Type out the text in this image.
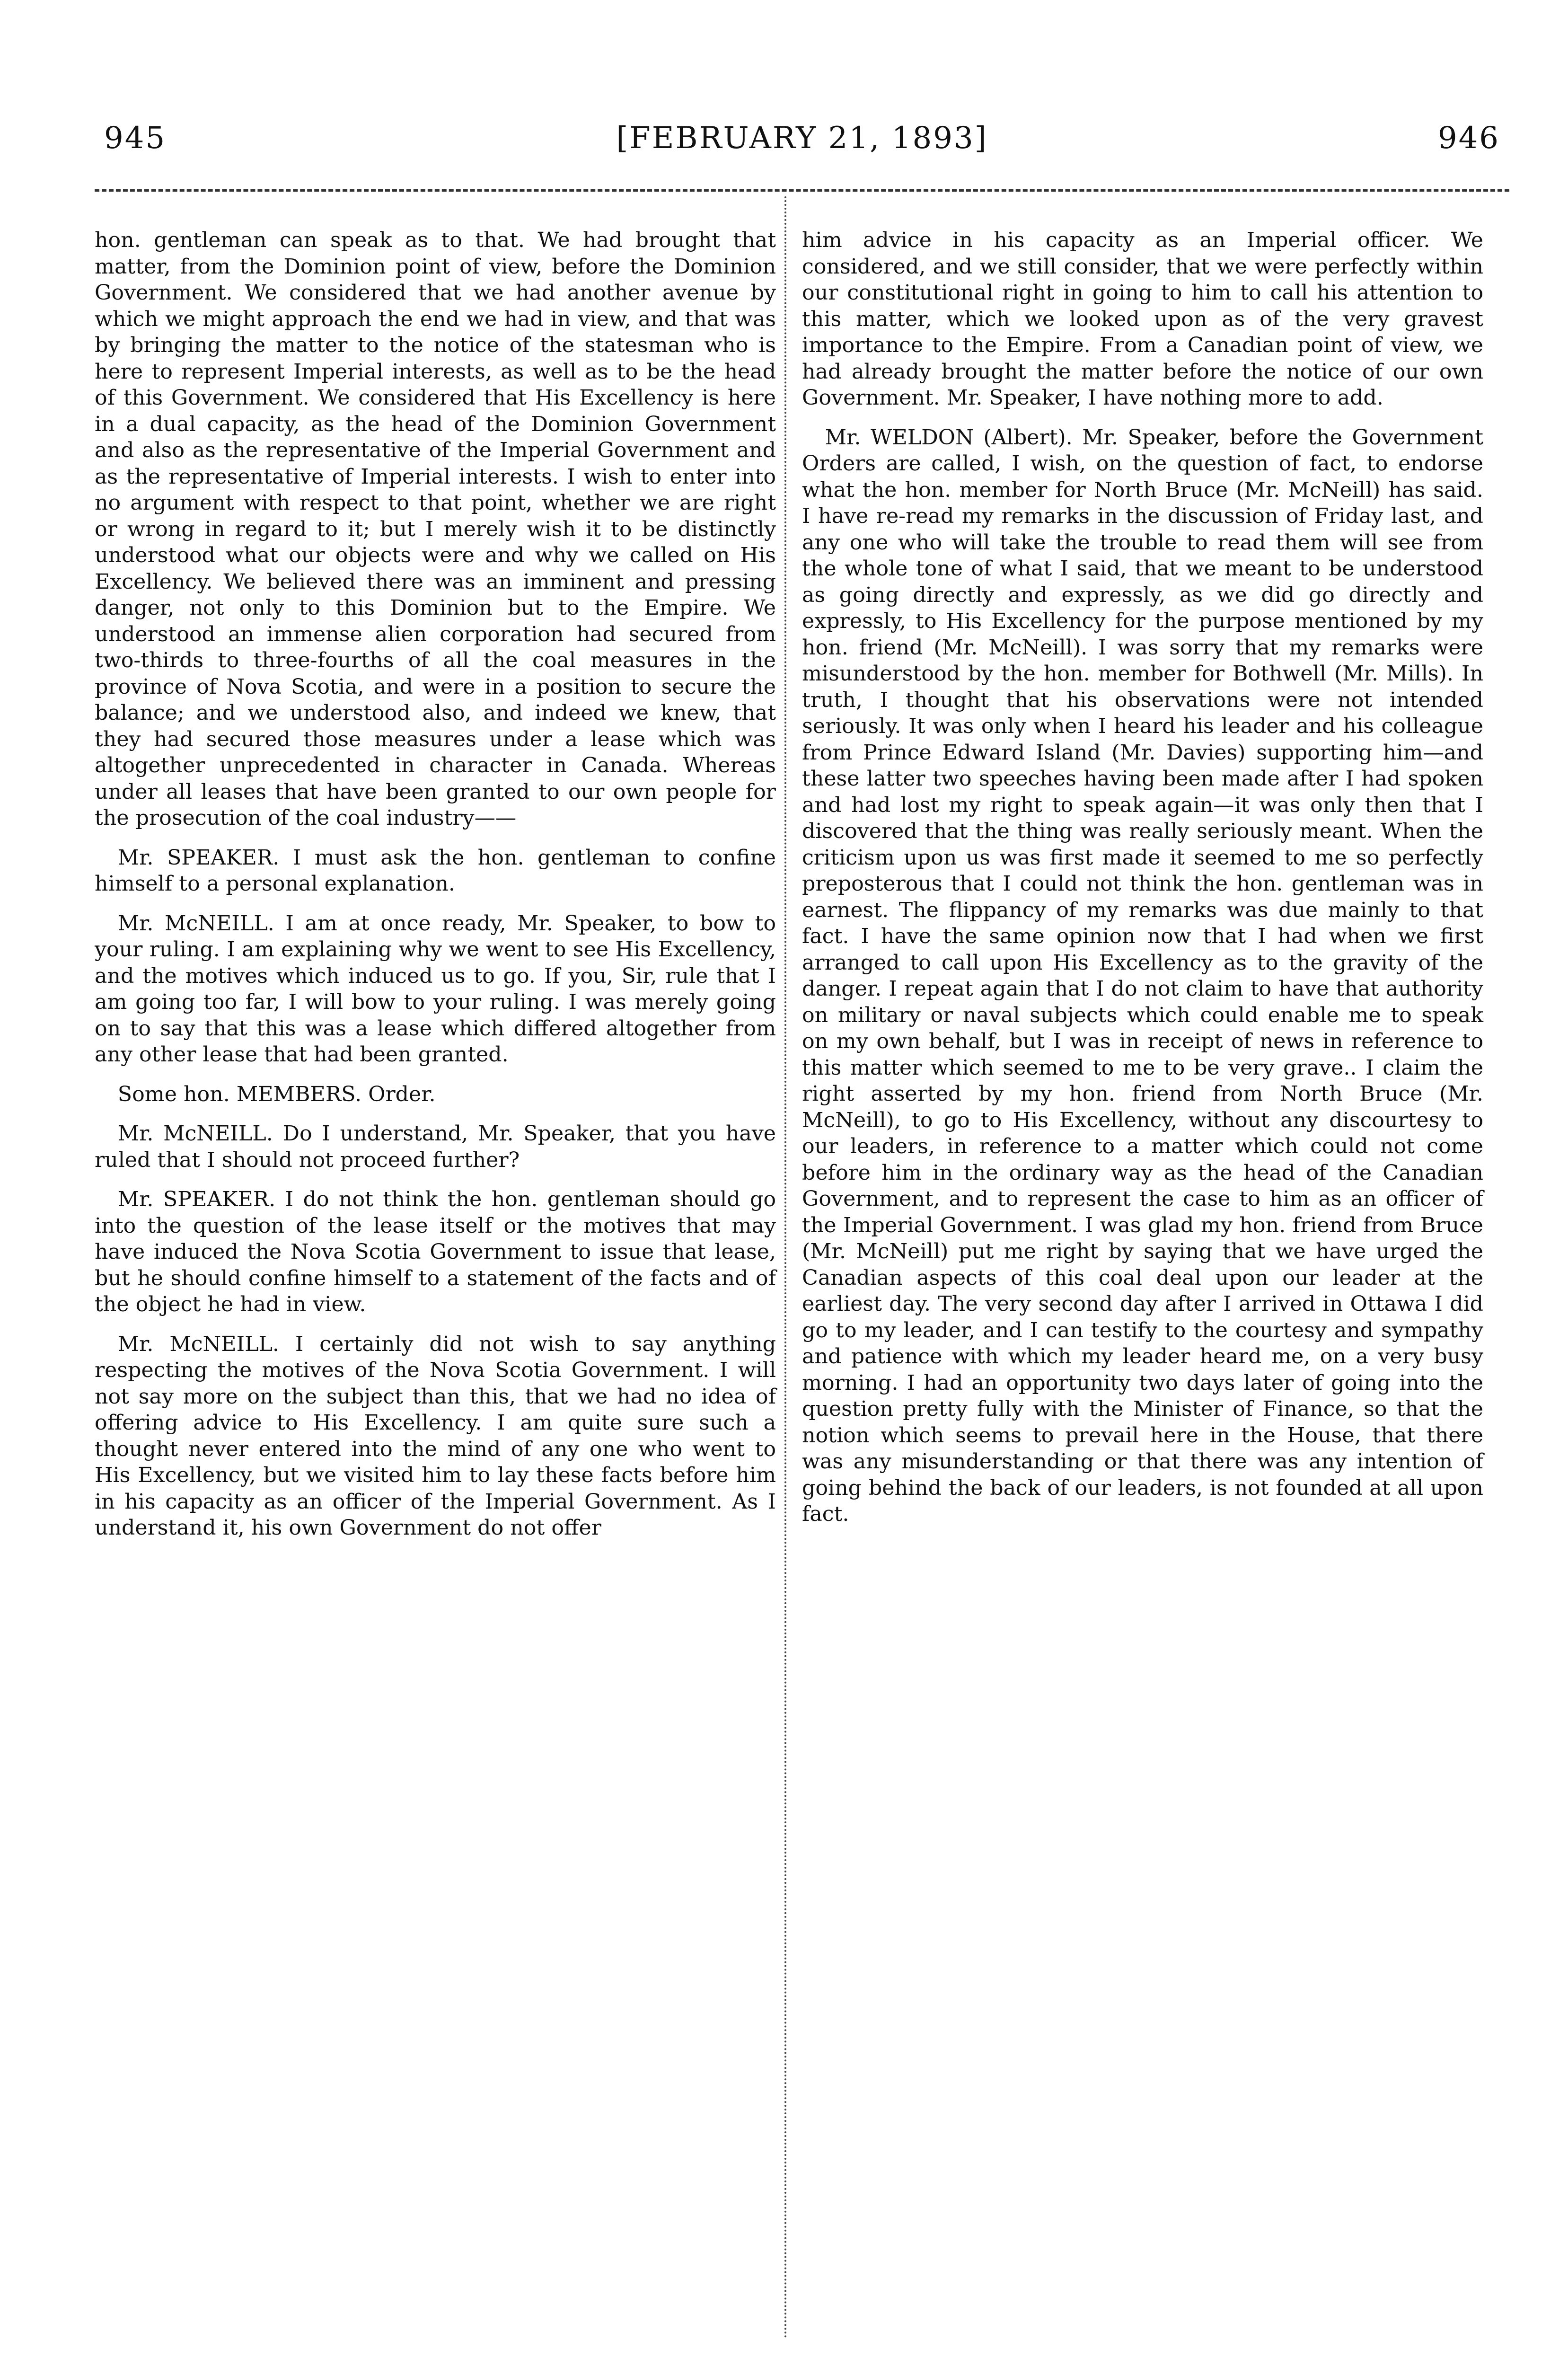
945	[FEBRUARY 21, 1893]	946

hon. gentleman can speak as to that. We had brought that matter, from the Dominion point of view, before the Dominion Government. We considered that we had another avenue by which we might approach the end we had in view, and that was by bringing the matter to the notice of the statesman who is here to represent Imperial interests, as well as to be the head of this Government. We considered that His Excellency is here in a dual capacity, as the head of the Dominion Government and also as the representative of the Imperial Government and as the representative of Imperial interests. I wish to enter into no argument with respect to that point, whether we are right or wrong in regard to it; but I merely wish it to be distinctly understood what our objects were and why we called on His Excellency. We believed there was an imminent and pressing danger, not only to this Dominion but to the Empire. We understood an immense alien corporation had secured from two-thirds to three-fourths of all the coal measures in the province of Nova Scotia, and were in a position to secure the balance; and we understood also, and indeed we knew, that they had secured those measures under a lease which was altogether unprecedented in character in Canada. Whereas under all leases that have been granted to our own people for the prosecution of the coal industry——

Mr. SPEAKER. I must ask the hon. gentleman to confine himself to a personal explanation.

Mr. McNEILL. I am at once ready, Mr. Speaker, to bow to your ruling. I am explaining why we went to see His Excellency, and the motives which induced us to go. If you, Sir, rule that I am going too far, I will bow to your ruling. I was merely going on to say that this was a lease which differed altogether from any other lease that had been granted.

Some hon. MEMBERS. Order.

Mr. McNEILL. Do I understand, Mr. Speaker, that you have ruled that I should not proceed further?

Mr. SPEAKER. I do not think the hon. gentleman should go into the question of the lease itself or the motives that may have induced the Nova Scotia Government to issue that lease, but he should confine himself to a statement of the facts and of the object he had in view.

Mr. McNEILL. I certainly did not wish to say anything respecting the motives of the Nova Scotia Government. I will not say more on the subject than this, that we had no idea of offering advice to His Excellency. I am quite sure such a thought never entered into the mind of any one who went to His Excellency, but we visited him to lay these facts before him in his capacity as an officer of the Imperial Government. As I understand it, his own Government do not offer

him advice in his capacity as an Imperial officer. We considered, and we still consider, that we were perfectly within our constitutional right in going to him to call his attention to this matter, which we looked upon as of the very gravest importance to the Empire. From a Canadian point of view, we had already brought the matter before the notice of our own Government. Mr. Speaker, I have nothing more to add.

Mr. WELDON (Albert). Mr. Speaker, before the Government Orders are called, I wish, on the question of fact, to endorse what the hon. member for North Bruce (Mr. McNeill) has said. I have re-read my remarks in the discussion of Friday last, and any one who will take the trouble to read them will see from the whole tone of what I said, that we meant to be understood as going directly and expressly, as we did go directly and expressly, to His Excellency for the purpose mentioned by my hon. friend (Mr. McNeill). I was sorry that my remarks were misunderstood by the hon. member for Bothwell (Mr. Mills). In truth, I thought that his observations were not intended seriously. It was only when I heard his leader and his colleague from Prince Edward Island (Mr. Davies) supporting him—and these latter two speeches having been made after I had spoken and had lost my right to speak again—it was only then that I discovered that the thing was really seriously meant. When the criticism upon us was first made it seemed to me so perfectly preposterous that I could not think the hon. gentleman was in earnest. The flippancy of my remarks was due mainly to that fact. I have the same opinion now that I had when we first arranged to call upon His Excellency as to the gravity of the danger. I repeat again that I do not claim to have that authority on military or naval subjects which could enable me to speak on my own behalf, but I was in receipt of news in reference to this matter which seemed to me to be very grave.. I claim the right asserted by my hon. friend from North Bruce (Mr. McNeill), to go to His Excellency, without any discourtesy to our leaders, in reference to a matter which could not come before him in the ordinary way as the head of the Canadian Government, and to represent the case to him as an officer of the Imperial Government. I was glad my hon. friend from Bruce (Mr. McNeill) put me right by saying that we have urged the Canadian aspects of this coal deal upon our leader at the earliest day. The very second day after I arrived in Ottawa I did go to my leader, and I can testify to the courtesy and sympathy and patience with which my leader heard me, on a very busy morning. I had an opportunity two days later of going into the question pretty fully with the Minister of Finance, so that the notion which seems to prevail here in the House, that there was any misunderstanding or that there was any intention of going behind the back of our leaders, is not founded at all upon fact.
